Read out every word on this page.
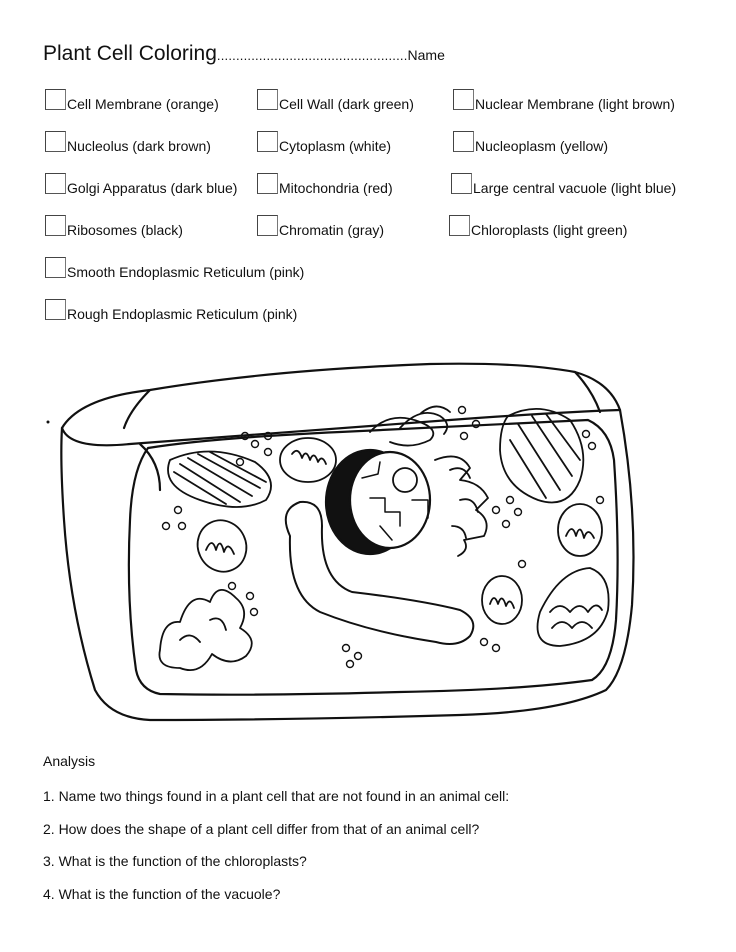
Plant Cell Coloring..................................................Name
Cell Membrane (orange)	Cell Wall (dark green)	Nuclear Membrane (light brown)
Nucleolus (dark brown)	Cytoplasm (white)	Nucleoplasm (yellow)
Golgi Apparatus (dark blue)	Mitochondria (red)	Large central vacuole (light blue)
Ribosomes (black)	Chromatin (gray)	Chloroplasts (light green)
Smooth Endoplasmic Reticulum (pink)
Rough Endoplasmic Reticulum (pink)
Analysis
1. Name two things found in a plant cell that are not found in an animal cell:
2. How does the shape of a plant cell differ from that of an animal cell?
3. What is the function of the chloroplasts?
4. What is the function of the vacuole?
